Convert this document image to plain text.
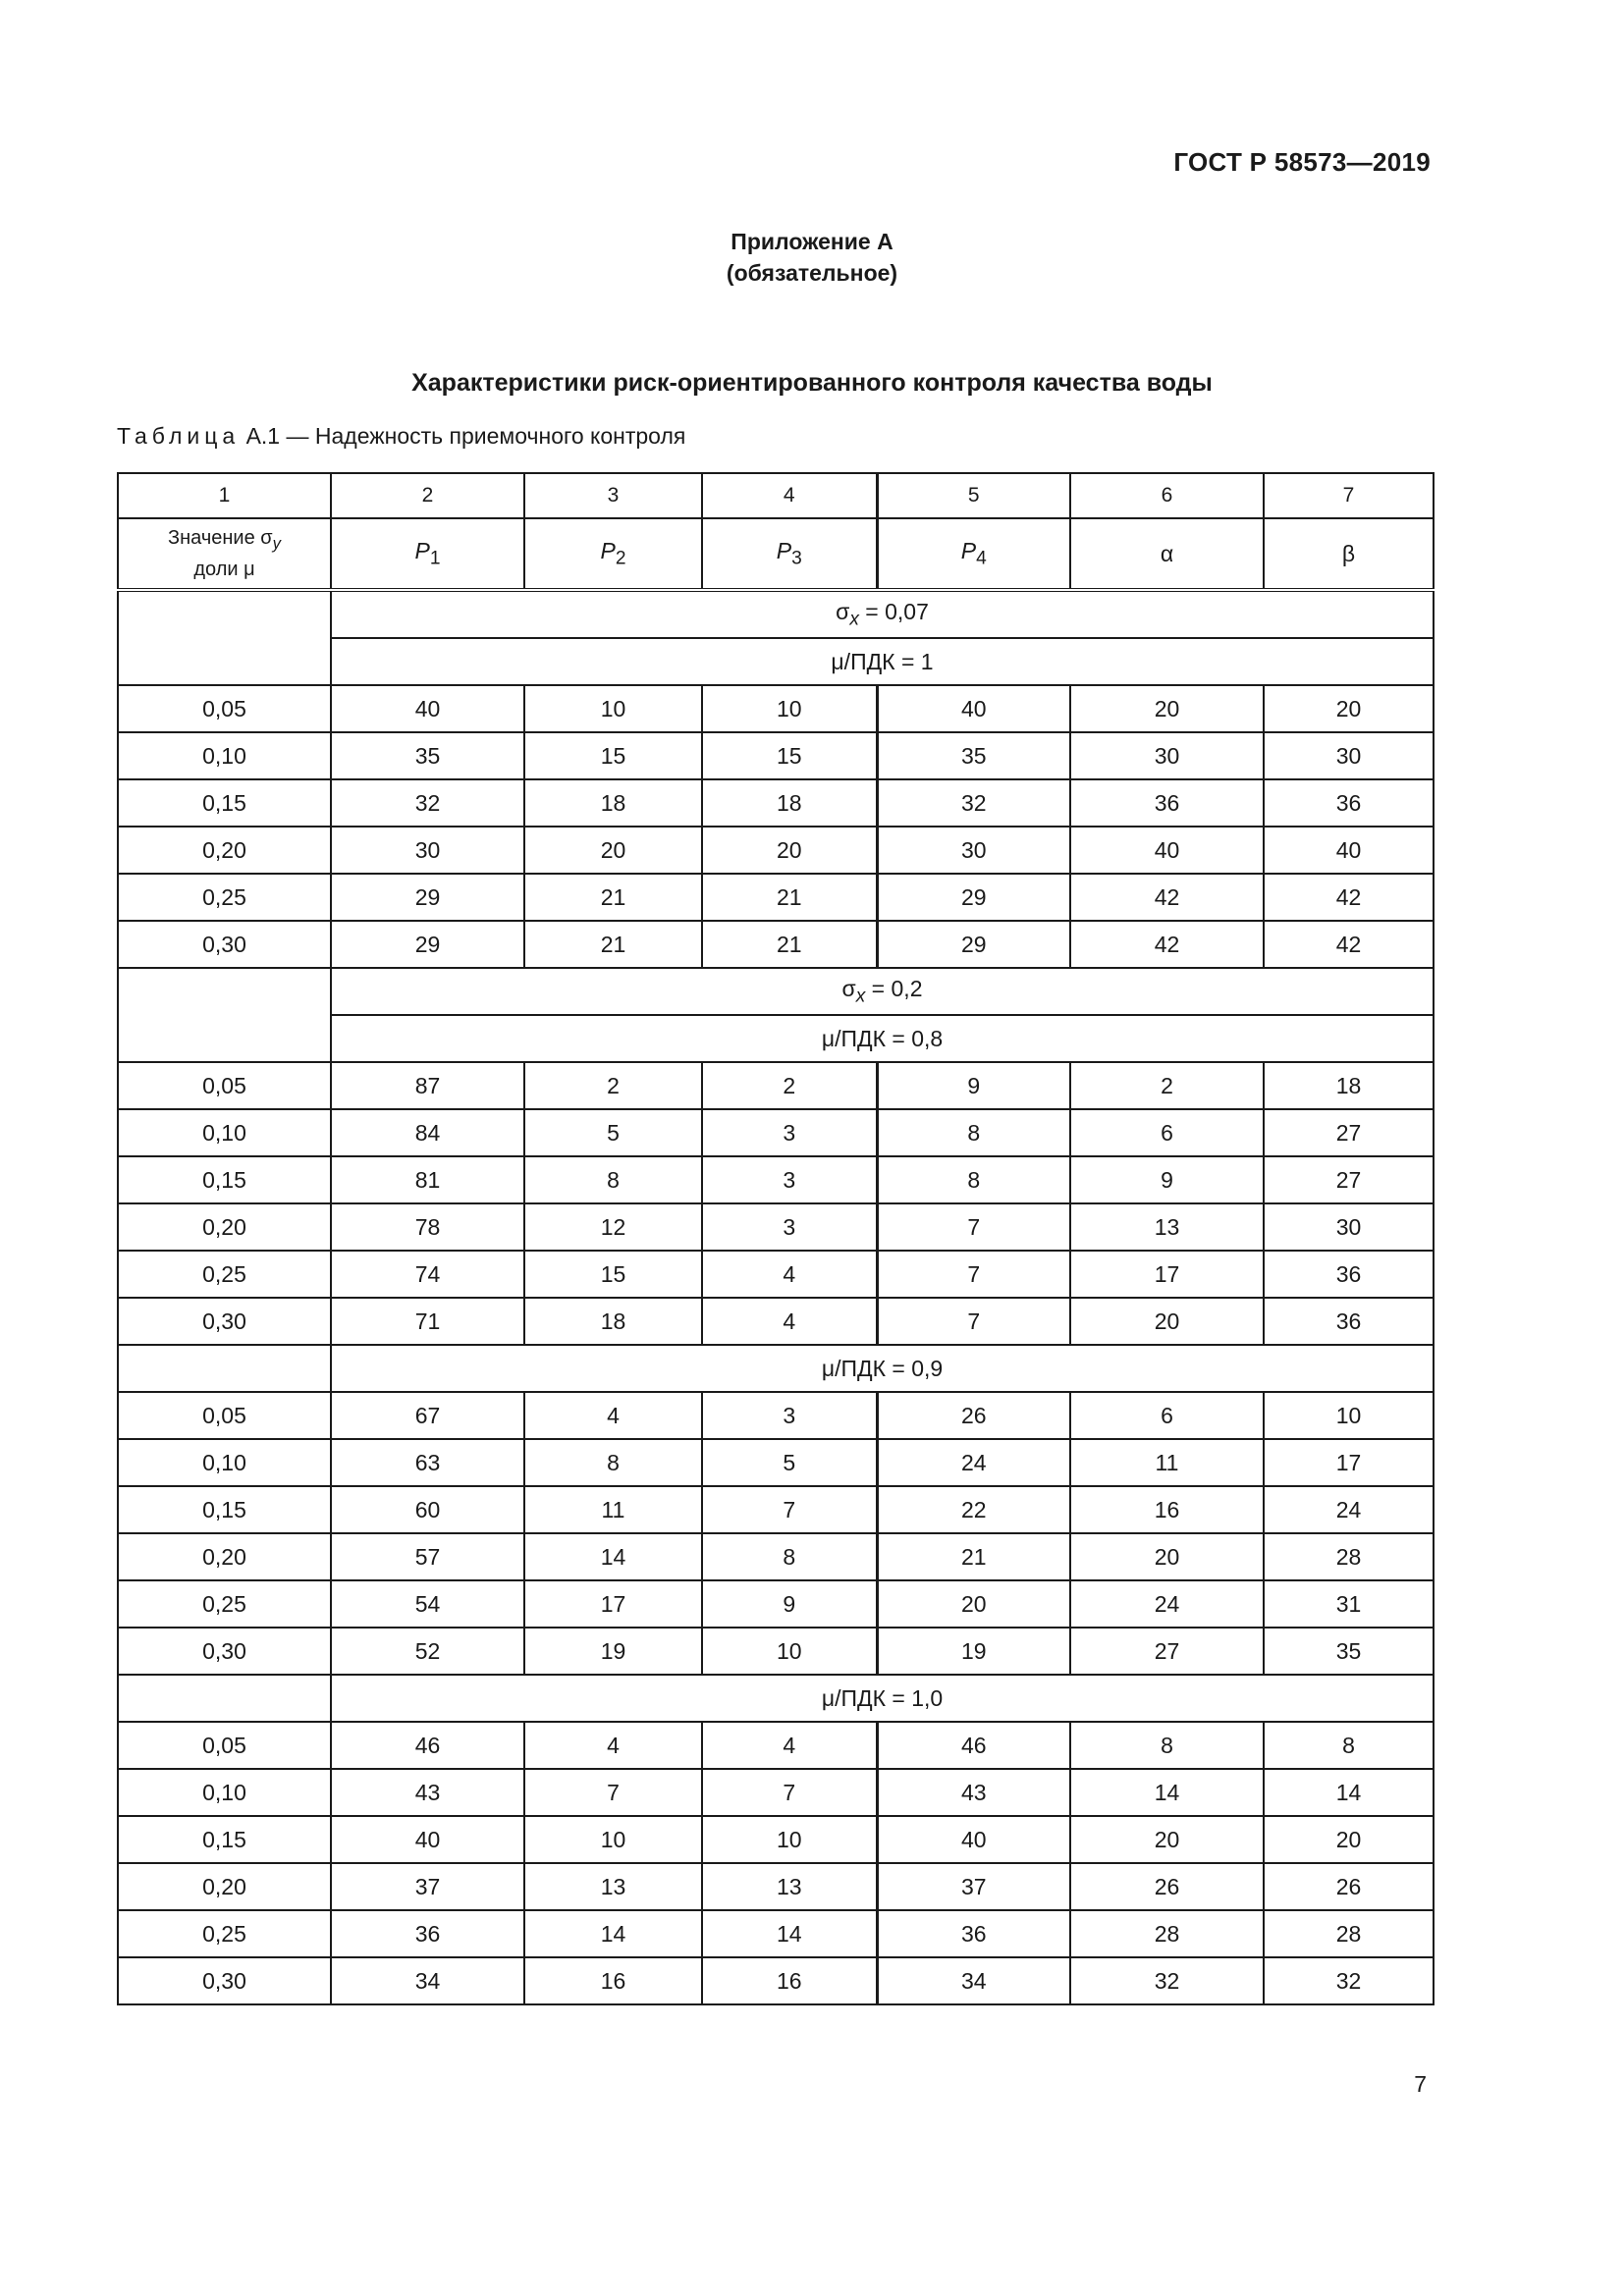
ГОСТ Р 58573—2019
Приложение А
(обязательное)
Характеристики риск-ориентированного контроля качества воды
Таблица А.1 — Надежность приемочного контроля
1	2	3	4	5	6	7
Значение $\sigma_y$
доли μ	$P_1$	$P_2$	$P_3$	$P_4$	α	β
	$\sigma_x = 0,07$					
	μ/ПДК = 1					
0,05	40	10	10	40	20	20
0,10	35	15	15	35	30	30
0,15	32	18	18	32	36	36
0,20	30	20	20	30	40	40
0,25	29	21	21	29	42	42
0,30	29	21	21	29	42	42
	$\sigma_x = 0,2$					
	μ/ПДК = 0,8					
0,05	87	2	2	9	2	18
0,10	84	5	3	8	6	27
0,15	81	8	3	8	9	27
0,20	78	12	3	7	13	30
0,25	74	15	4	7	17	36
0,30	71	18	4	7	20	36
	μ/ПДК = 0,9					
0,05	67	4	3	26	6	10
0,10	63	8	5	24	11	17
0,15	60	11	7	22	16	24
0,20	57	14	8	21	20	28
0,25	54	17	9	20	24	31
0,30	52	19	10	19	27	35
	μ/ПДК = 1,0					
0,05	46	4	4	46	8	8
0,10	43	7	7	43	14	14
0,15	40	10	10	40	20	20
0,20	37	13	13	37	26	26
0,25	36	14	14	36	28	28
0,30	34	16	16	34	32	32
7
